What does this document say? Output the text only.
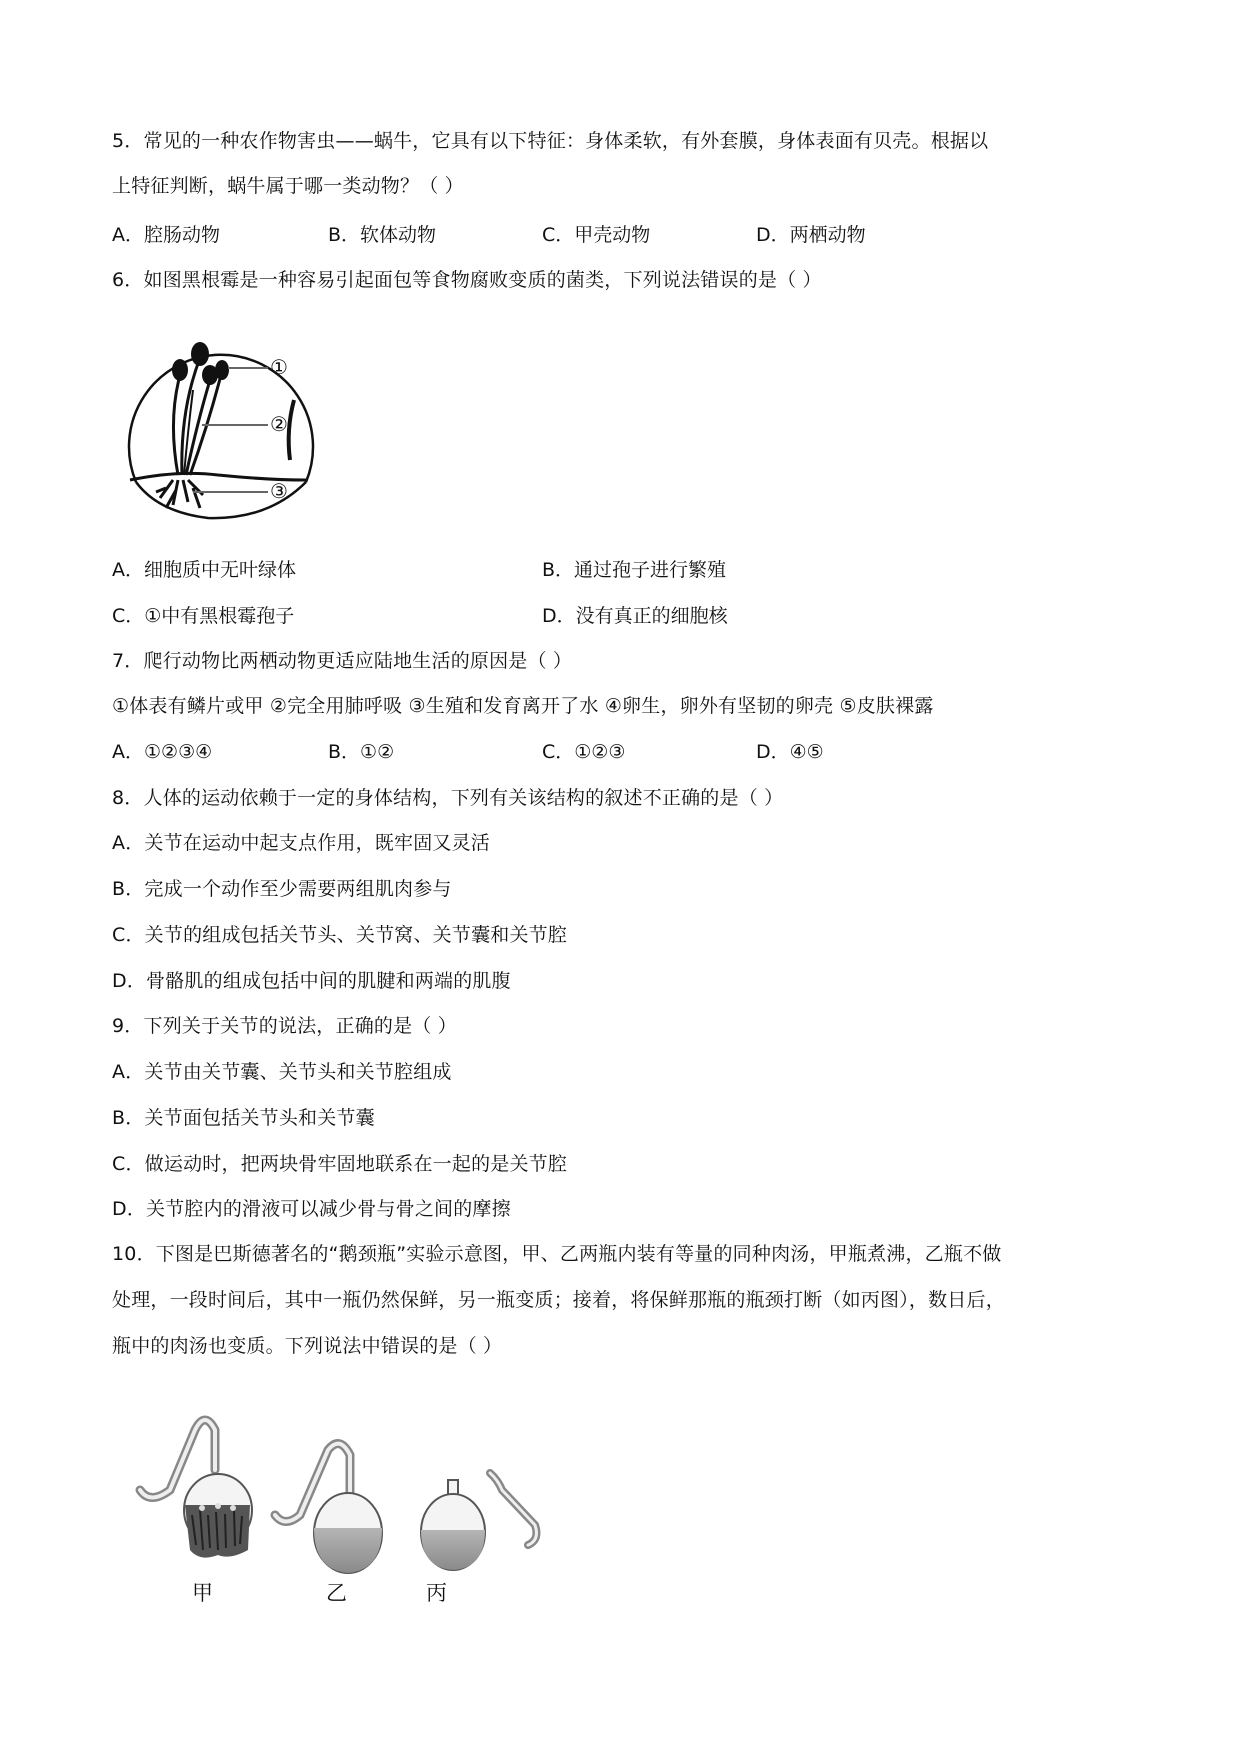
5．常见的一种农作物害虫——蜗牛，它具有以下特征：身体柔软，有外套膜，身体表面有贝壳。根据以
上特征判断，蜗牛属于哪一类动物？（ ）
A．腔肠动物	B．软体动物	C．甲壳动物	D．两栖动物
6．如图黑根霉是一种容易引起面包等食物腐败变质的菌类，下列说法错误的是（ ）
①
②
③
A．细胞质中无叶绿体	B．通过孢子进行繁殖
C．①中有黑根霉孢子	D．没有真正的细胞核
7．爬行动物比两栖动物更适应陆地生活的原因是（ ）
①体表有鳞片或甲 ②完全用肺呼吸 ③生殖和发育离开了水 ④卵生，卵外有坚韧的卵壳 ⑤皮肤裸露
A．①②③④	B．①②	C．①②③	D．④⑤
8．人体的运动依赖于一定的身体结构，下列有关该结构的叙述不正确的是（ ）
A．关节在运动中起支点作用，既牢固又灵活
B．完成一个动作至少需要两组肌肉参与
C．关节的组成包括关节头、关节窝、关节囊和关节腔
D．骨骼肌的组成包括中间的肌腱和两端的肌腹
9．下列关于关节的说法，正确的是（ ）
A．关节由关节囊、关节头和关节腔组成
B．关节面包括关节头和关节囊
C．做运动时，把两块骨牢固地联系在一起的是关节腔
D．关节腔内的滑液可以减少骨与骨之间的摩擦
10．下图是巴斯德著名的“鹅颈瓶”实验示意图，甲、乙两瓶内装有等量的同种肉汤，甲瓶煮沸，乙瓶不做
处理，一段时间后，其中一瓶仍然保鲜，另一瓶变质；接着，将保鲜那瓶的瓶颈打断（如丙图），数日后，
瓶中的肉汤也变质。下列说法中错误的是（ ）
甲	乙	丙
